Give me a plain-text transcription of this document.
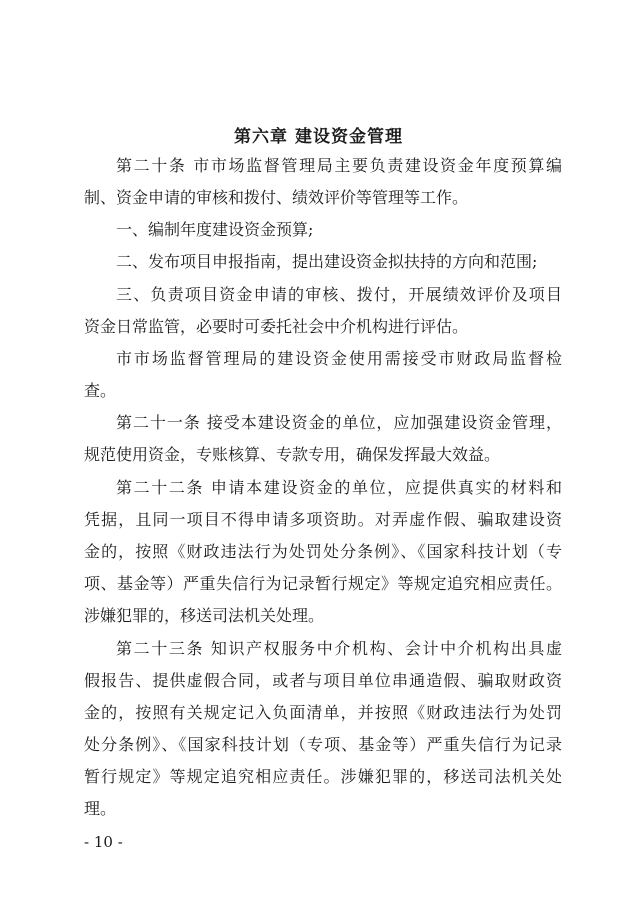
第六章 建设资金管理
第二十条 市市场监督管理局主要负责建设资金年度预算编
制、资金申请的审核和拨付、绩效评价等管理等工作。
一、编制年度建设资金预算;
二、发布项目申报指南，提出建设资金拟扶持的方向和范围;
三、负责项目资金申请的审核、拨付，开展绩效评价及项目
资金日常监管，必要时可委托社会中介机构进行评估。
市市场监督管理局的建设资金使用需接受市财政局监督检
查。
第二十一条 接受本建设资金的单位，应加强建设资金管理，
规范使用资金，专账核算、专款专用，确保发挥最大效益。
第二十二条 申请本建设资金的单位，应提供真实的材料和
凭据，且同一项目不得申请多项资助。对弄虚作假、骗取建设资
金的，按照《财政违法行为处罚处分条例》、《国家科技计划（专
项、基金等）严重失信行为记录暂行规定》等规定追究相应责任。
涉嫌犯罪的，移送司法机关处理。
第二十三条 知识产权服务中介机构、会计中介机构出具虚
假报告、提供虚假合同，或者与项目单位串通造假、骗取财政资
金的，按照有关规定记入负面清单，并按照《财政违法行为处罚
处分条例》、《国家科技计划（专项、基金等）严重失信行为记录
暂行规定》等规定追究相应责任。涉嫌犯罪的，移送司法机关处
理。
- 10 -
